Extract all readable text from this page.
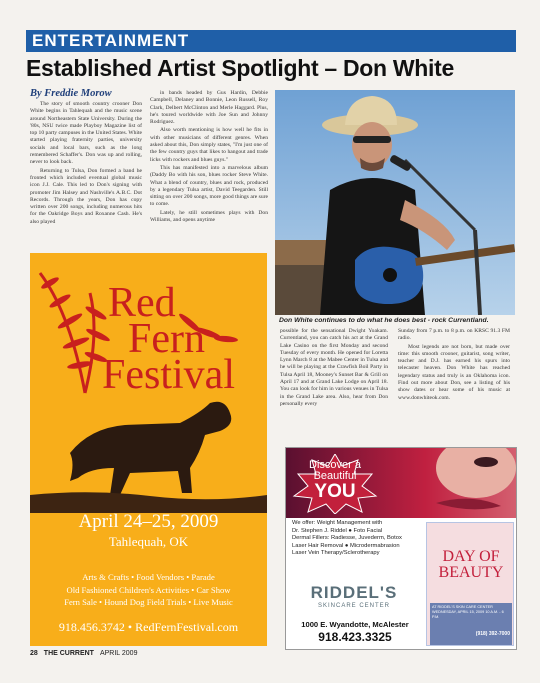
ENTERTAINMENT
Established Artist Spotlight – Don White
By Freddie Morow

The story of smooth country crooner Don White begins in Tahlequah and the music scene around Northeastern State University. During the '80s, NSU twice made Playboy Magazine list of top 10 party campuses in the United States. White started playing fraternity parties, university socials and local bars, such as the long remembered Schaffer's. Don was up and rolling, never to look back.

Returning to Tulsa, Don formed a band he fronted which included eventual global music icon J.J. Cale. This led to Don's signing with promoter Jim Halsey and Nashville's A.B.C. Dot Records. Through the years, Don has copy written over 200 songs, including numerous hits for the Oakridge Boys and Roxanne Cash. He's also played

in bands headed by Gus Hardin, Debbie Campbell, Delaney and Bonnie, Leon Russell, Roy Clark, Delbert McClinton and Merle Haggard. Plus, he's toured worldwide with Joe Sun and Johnny Rodriguez.

Also worth mentioning is how well he fits in with other musicians of different genres. When asked about this, Don simply states, "I'm just one of the few country guys that likes to hangout and trade licks with rockers and blues guys."

This has manifested into a marvelous album (Daddy Bo with his son, blues rocker Steve White. What a blend of country, blues and rock, produced by a legendary Tulsa artist, David Teegarden. Still sitting on over 200 songs, more good things are sure to come.

Lately, he still sometimes plays with Don Williams, and opens anytime

Don White continues to do what he does best - rock Currentland.
Red
Fern
Festival
April 24–25, 2009
Tahlequah, OK
Arts & Crafts • Food Vendors • Parade
Old Fashioned Children's Activities • Car Show
Fern Sale • Hound Dog Field Trials • Live Music
918.456.3742 • RedFernFestival.com

possible for the sensational Dwight Yoakam. Currentland, you can catch his act at the Grand Lake Casino on the first Monday and second Tuesday of every month. He opened for Loretta Lynn March 8 at the Mabee Center in Tulsa and he will be playing at the Crawfish Boil Party in Tulsa April 18, Mooney's Sunset Bar & Grill on April 17 and at Grand Lake Lodge on April 18. You can look for him in various venues in Tulsa in the Grand Lake area. Also, hear from Don personally every

Sunday from 7 p.m. to 8 p.m. on KRSC 91.3 FM radio.

Most legends are not born, but made over time: this smooth crooner, guitarist, song writer, teacher and D.J. has earned his spurs into telecaster heaven. Don White has reached legendary status and truly is an Oklahoma icon. Find out more about Don, see a listing of his show dates or hear some of his music at www.donwhiteok.com.

Discover a
Beautiful
YOU
We offer: Weight Management with
Dr. Stephen J. Riddel ● Foto Facial
Dermal Fillers: Radiesse, Juvederm, Botox
Laser Hair Removal ● Microdermabrasion
Laser Vein Therapy/Sclerotherapy
RIDDEL'S
SKINCARE CENTER
1000 E. Wyandotte, McAlester
918.423.3325
DAY OF
BEAUTY
AT RIDDEL'S SKIN CARE CENTER WEDNESDAY, APRIL 15, 2009 10 A.M. - 6 P.M.
(918) 392-7000
28 THE CURRENT APRIL 2009
